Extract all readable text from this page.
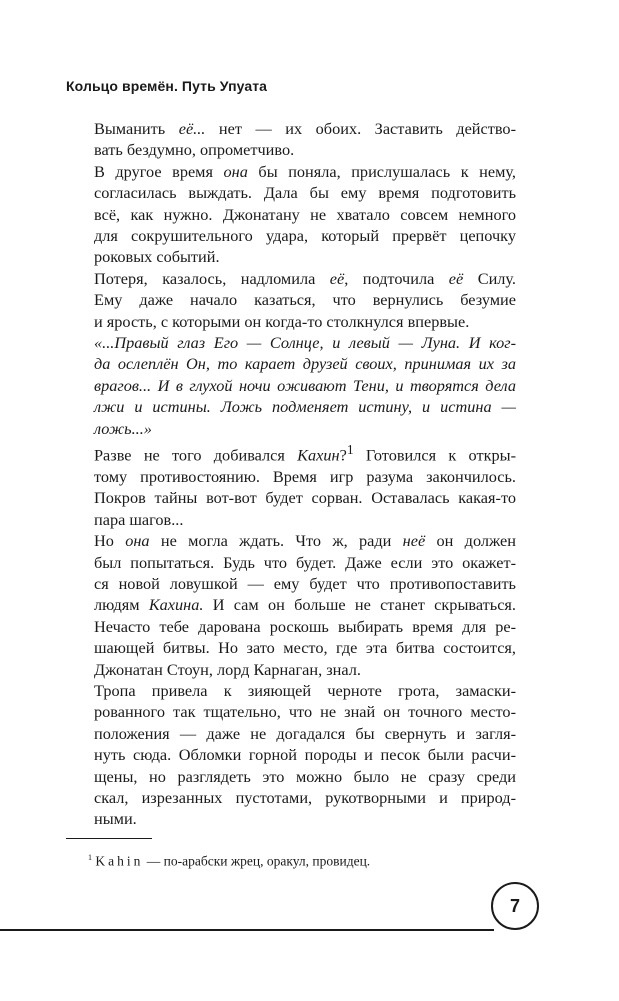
Кольцо времён. Путь Упуата

Выманить её... нет — их обоих. Заставить действо-
вать бездумно, опрометчиво.

В другое время она бы поняла, прислушалась к нему,
согласилась выждать. Дала бы ему время подготовить
всё, как нужно. Джонатану не хватало совсем немного
для сокрушительного удара, который прервёт цепочку
роковых событий.

Потеря, казалось, надломила её, подточила её Силу.
Ему даже начало казаться, что вернулись безумие
и ярость, с которыми он когда-то столкнулся впервые.

«...Правый глаз Его — Солнце, и левый — Луна. И ког-
да ослеплён Он, то карает друзей своих, принимая их за
врагов... И в глухой ночи оживают Тени, и творятся дела
лжи и истины. Ложь подменяет истину, и истина —
ложь...»

Разве не того добивался Кахин?$^1$ Готовился к откры-
тому противостоянию. Время игр разума закончилось.
Покров тайны вот-вот будет сорван. Оставалась какая-то
пара шагов...

Но она не могла ждать. Что ж, ради неё он должен
был попытаться. Будь что будет. Даже если это окажет-
ся новой ловушкой — ему будет что противопоставить
людям Кахина. И сам он больше не станет скрываться.
Нечасто тебе дарована роскошь выбирать время для ре-
шающей битвы. Но зато место, где эта битва состоится,
Джонатан Стоун, лорд Карнаган, знал.

Тропа привела к зияющей черноте грота, замаски-
рованного так тщательно, что не знай он точного место-
положения — даже не догадался бы свернуть и загля-
нуть сюда. Обломки горной породы и песок были расчи-
щены, но разглядеть это можно было не сразу среди
скал, изрезанных пустотами, рукотворными и природ-
ными.

$^1$ Kahin — по-арабски жрец, оракул, провидец.
7
